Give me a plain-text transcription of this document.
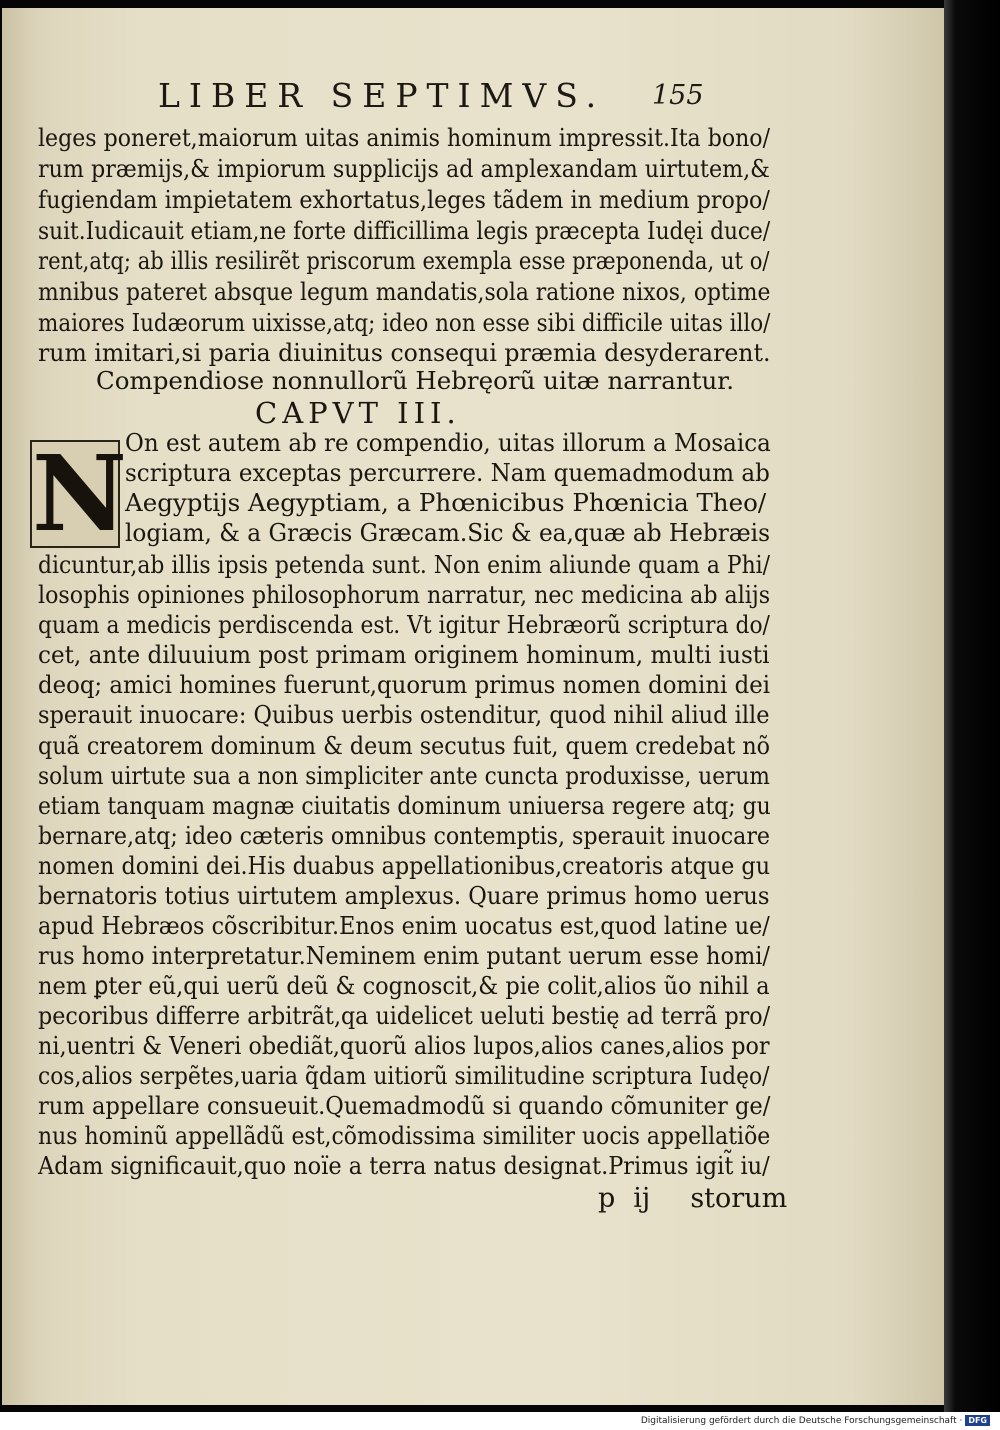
LIBER SEPTIMVS. 155
leges poneret,maiorum uitas animis hominum impressit.Ita bono/
rum præmijs,& impiorum supplicijs ad amplexandam uirtutem,&
fugiendam impietatem exhortatus,leges tãdem in medium propo/
suit.Iudicauit etiam,ne forte difficillima legis præcepta Iudęi duce/
rent,atq; ab illis resilirẽt priscorum exempla esse præponenda, ut o/
mnibus pateret absque legum mandatis,sola ratione nixos, optime
maiores Iudæorum uixisse,atq; ideo non esse sibi difficile uitas illo/
rum imitari,si paria diuinitus consequi præmia desyderarent.
Compendiose nonnullorũ Hebręorũ uitæ narrantur.
CAPVT III.
N
On est autem ab re compendio, uitas illorum a Mosaica
scriptura exceptas percurrere. Nam quemadmodum ab
Aegyptijs Aegyptiam, a Phœnicibus Phœnicia Theo/
logiam, & a Græcis Græcam.Sic & ea,quæ ab Hebræis
dicuntur,ab illis ipsis petenda sunt. Non enim aliunde quam a Phi/
losophis opiniones philosophorum narratur, nec medicina ab alijs
quam a medicis perdiscenda est. Vt igitur Hebræorũ scriptura do/
cet, ante diluuium post primam originem hominum, multi iusti
deoq; amici homines fuerunt,quorum primus nomen domini dei
sperauit inuocare: Quibus uerbis ostenditur, quod nihil aliud ille
quã creatorem dominum & deum secutus fuit, quem credebat nõ
solum uirtute sua a non simpliciter ante cuncta produxisse, uerum
etiam tanquam magnæ ciuitatis dominum uniuersa regere atq; gu
bernare,atq; ideo cæteris omnibus contemptis, sperauit inuocare
nomen domini dei.His duabus appellationibus,creatoris atque gu
bernatoris totius uirtutem amplexus. Quare primus homo uerus
apud Hebræos cõscribitur.Enos enim uocatus est,quod latine ue/
rus homo interpretatur.Neminem enim putant uerum esse homi/
nem ꝑter eũ,qui uerũ deũ & cognoscit,& pie colit,alios ũo nihil a
pecoribus differre arbitrãt,qa uidelicet ueluti bestię ad terrã pro/
ni,uentri & Veneri obediãt,quorũ alios lupos,alios canes,alios por
cos,alios serpẽtes,uaria q̃dam uitiorũ similitudine scriptura Iudęo/
rum appellare consueuit.Quemadmodũ si quando cõmuniter ge/
nus hominũ appellãdũ est,cõmodissima similiter uocis appellatiõe
Adam significauit,quo noïe a terra natus designat.Primus igit̃ iu/
p ij storum
Digitalisierung gefördert durch die Deutsche Forschungsgemeinschaft · DFG
